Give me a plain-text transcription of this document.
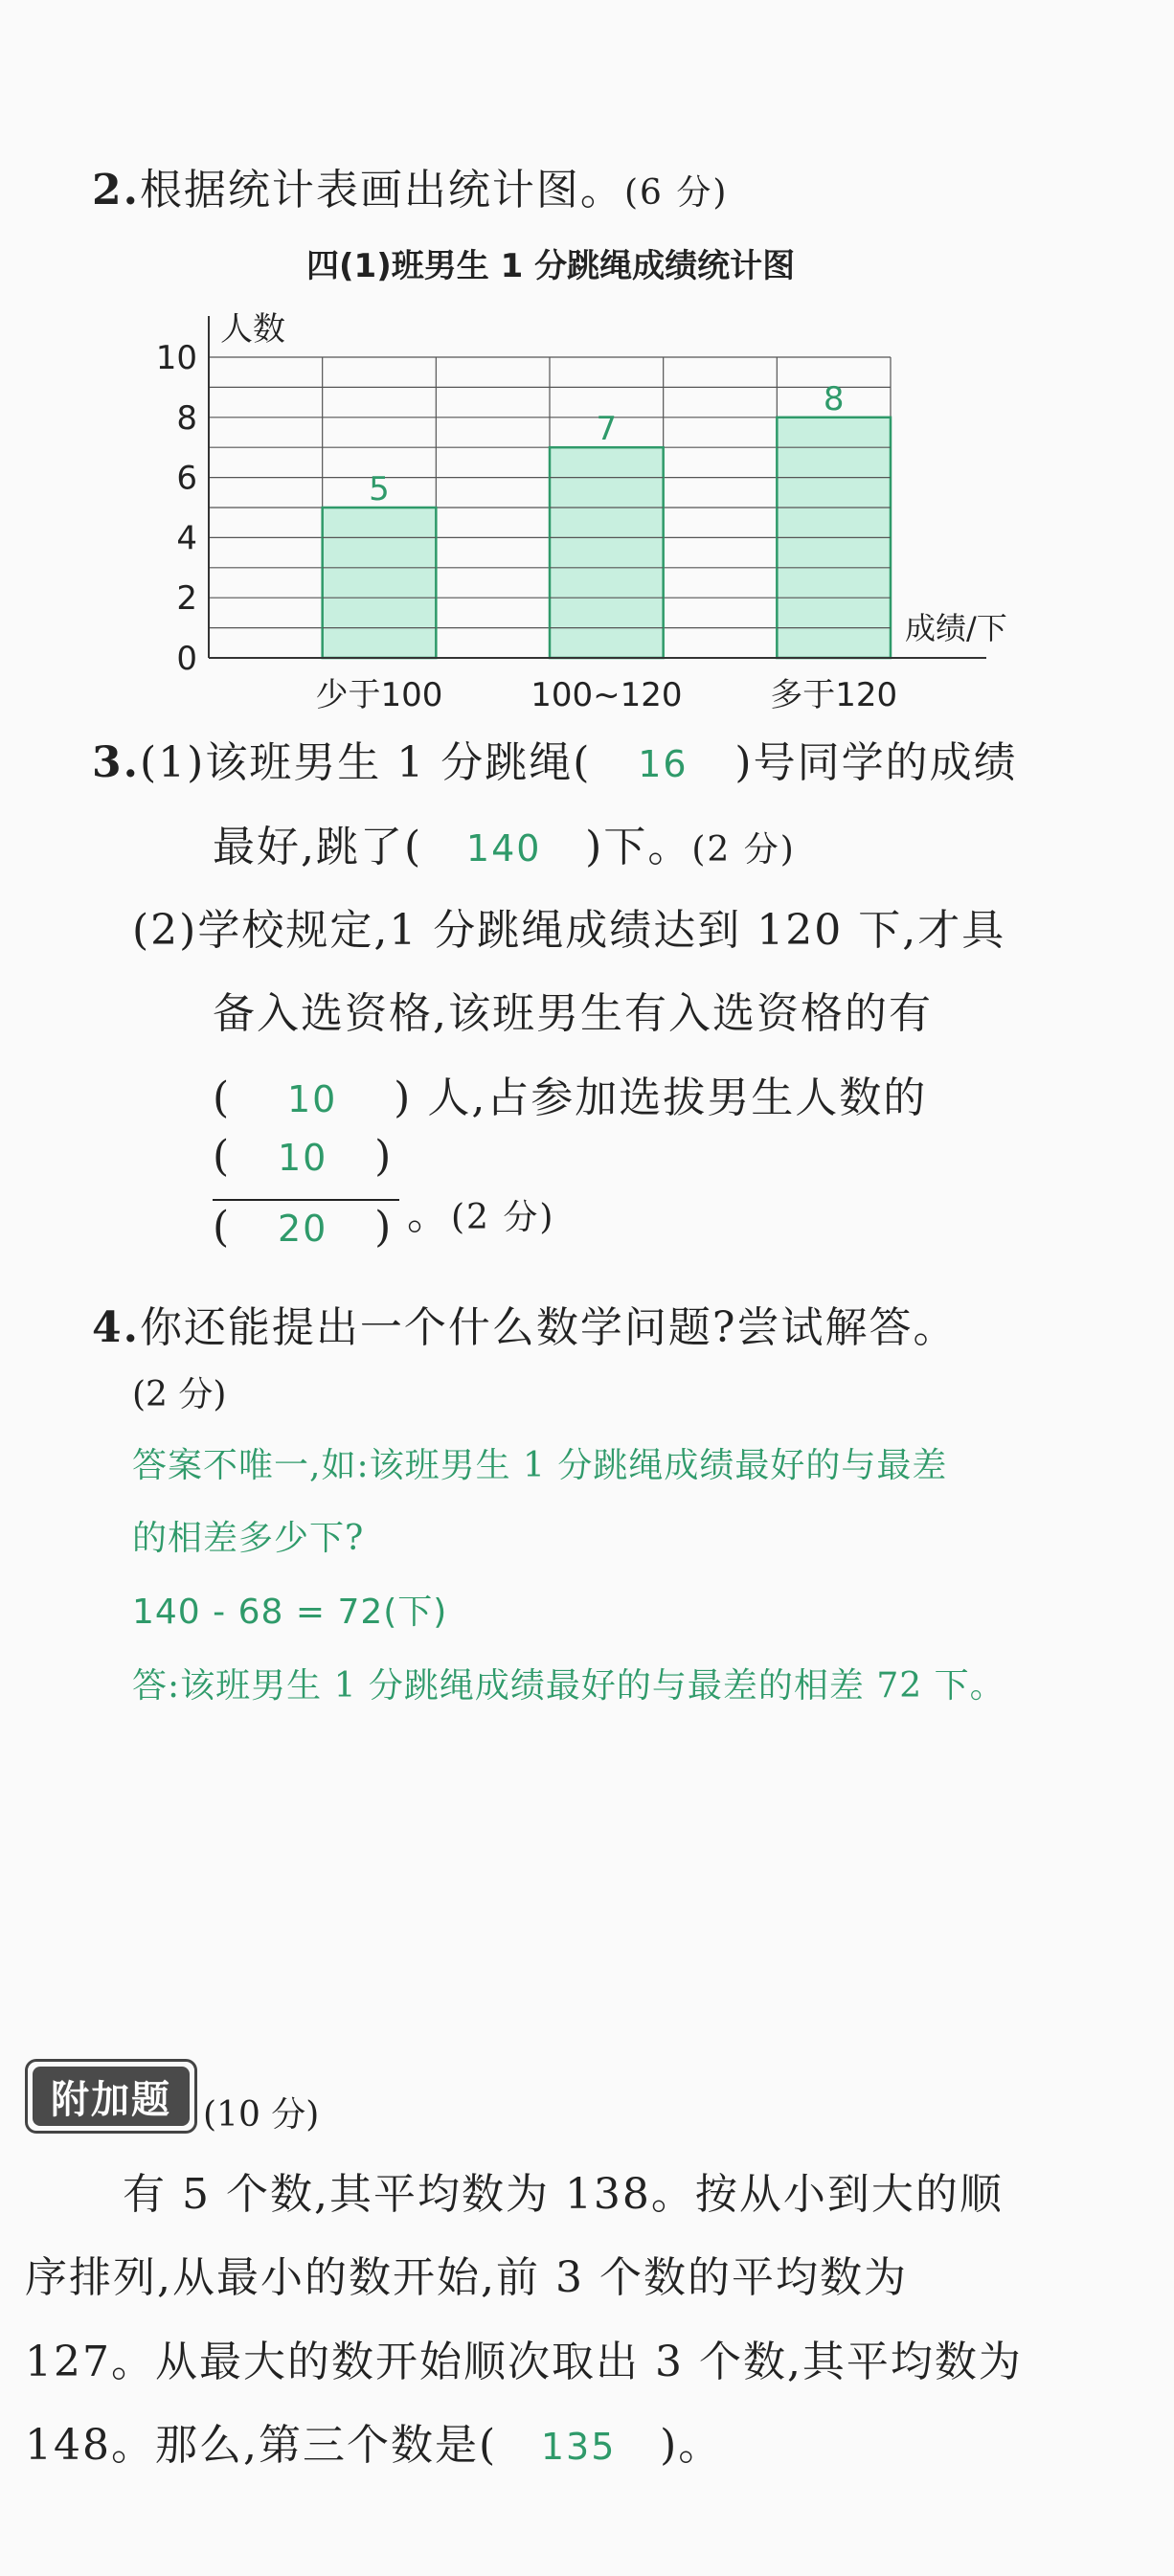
2.根据统计表画出统计图。(6 分)
四(1)班男生 1 分跳绳成绩统计图
5
7
8
0
2
4
6
8
10
少于100	100~120	多于120
人数
成绩/下
3.(1)该班男生 1 分跳绳( 16 )号同学的成绩
最好,跳了( 140 )下。(2 分)
(2)学校规定,1 分跳绳成绩达到 120 下,才具
备入选资格,该班男生有入选资格的有
( 10 ) 人,占参加选拔男生人数的
( 10 )
( 20 ) 。(2 分)
4.你还能提出一个什么数学问题?尝试解答。
(2 分)
答案不唯一,如:该班男生 1 分跳绳成绩最好的与最差
的相差多少下?
140 - 68 = 72(下)
答:该班男生 1 分跳绳成绩最好的与最差的相差 72 下。
附加题 (10 分)
有 5 个数,其平均数为 138。按从小到大的顺
序排列,从最小的数开始,前 3 个数的平均数为
127。从最大的数开始顺次取出 3 个数,其平均数为
148。那么,第三个数是( 135 )。
